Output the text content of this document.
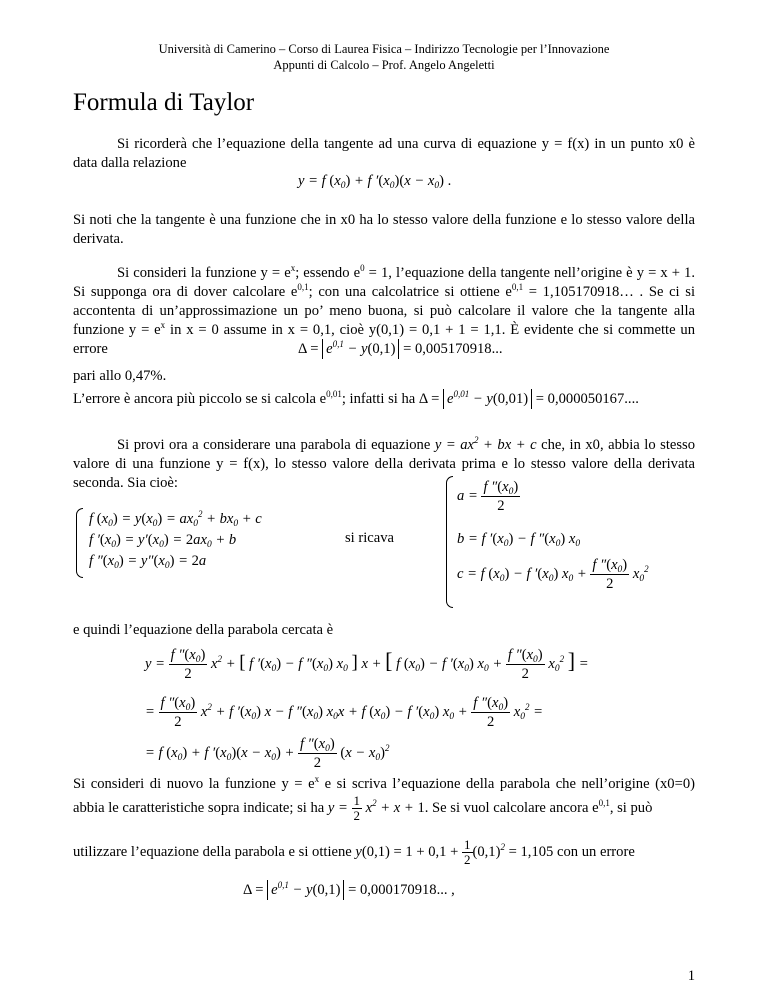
Università di Camerino – Corso di Laurea Fisica – Indirizzo Tecnologie per l’Innovazione
Appunti di Calcolo – Prof. Angelo Angeletti
Formula di Taylor
Si ricorderà che l’equazione della tangente ad una curva di equazione y = f(x) in un punto x0 è data dalla relazione
y = f $(x_0) + f$ $'(x_0)(x - x_0)$ .
Si noti che la tangente è una funzione che in x0 ha lo stesso valore della funzione e lo stesso valore della derivata.
Si consideri la funzione $y = e^x$; essendo $e^0 = 1$, l’equazione della tangente nell’origine è y = x + 1. Si supponga ora di dover calcolare $e^{0,1}$; con una calcolatrice si ottiene $e^{0,1}$ = 1,105170918… . Se ci si accontenta di un’approssimazione un po’ meno buona, si può calcolare il valore che la tangente alla funzione $y = e^x$ in x = 0 assume in x = 0,1, cioè y(0,1) = 0,1 + 1 = 1,1. È evidente che si commette un errore	$\Delta = e^{0,1} - y(0,1) = 0,005170918$...
pari allo 0,47%.
L’errore è ancora più piccolo se si calcola $e^{0,01}$; infatti si ha $\Delta = e^{0,01} - y(0,01) = 0,000050167$....
Si provi ora a considerare una parabola di equazione $y = ax^2$ + bx + c che, in x0, abbia lo stesso valore di una funzione y = f(x), lo stesso valore della derivata prima e lo stesso valore della derivata seconda. Sia cioè:
f $(x_0) = y(x_0) = ax_0^2 + bx_0 + c$
f $'(x_0) = y'(x_0) = 2ax_0 + b$
f $''(x_0) = y''(x_0) = 2a$
si ricava
$a = \frac{f ''(x_0)}{2}$
b = f $'(x_0) - f$ $''(x_0)$ $x_0$
c = f $(x_0) - f$ $'(x_0) x_0 + \frac{f ''(x_0)}{2} x_0^2$
e quindi l’equazione della parabola cercata è
$y = \frac{f ''(x_0)}{2} x^2$ + [ f $'(x_0) - f$ $''(x_0)$ $x_0$ ] x + [ f $(x_0) - f$ $'(x_0) x_0 + \frac{f ''(x_0)}{2} x_0^2$ ] =
= $\frac{f ''(x_0)}{2} x^2 + f$ $'(x_0) x - f$ $''(x_0) x_0x + f$ $(x_0) - f$ $'(x_0) x_0 + \frac{f ''(x_0)}{2} x_0^2$ =
= f $(x_0) + f$ $'(x_0)(x - x_0) + \frac{f ''(x_0)}{2} (x - x_0)^2$
Si consideri di nuovo la funzione $y = e^x$ e si scriva l’equazione della parabola che nell’origine (x0=0) abbia le caratteristiche sopra indicate; si ha $y = \frac{1}{2} x^2 + x + 1$. Se si vuol calcolare ancora $e^{0,1}$, si può
utilizzare l’equazione della parabola e si ottiene $y(0,1) = 1 + 0,1 + \frac{1}{2} (0,1)^2 = 1,105$ con un errore
$\Delta = e^{0,1} - y(0,1) = 0,000170918$... ,
1
